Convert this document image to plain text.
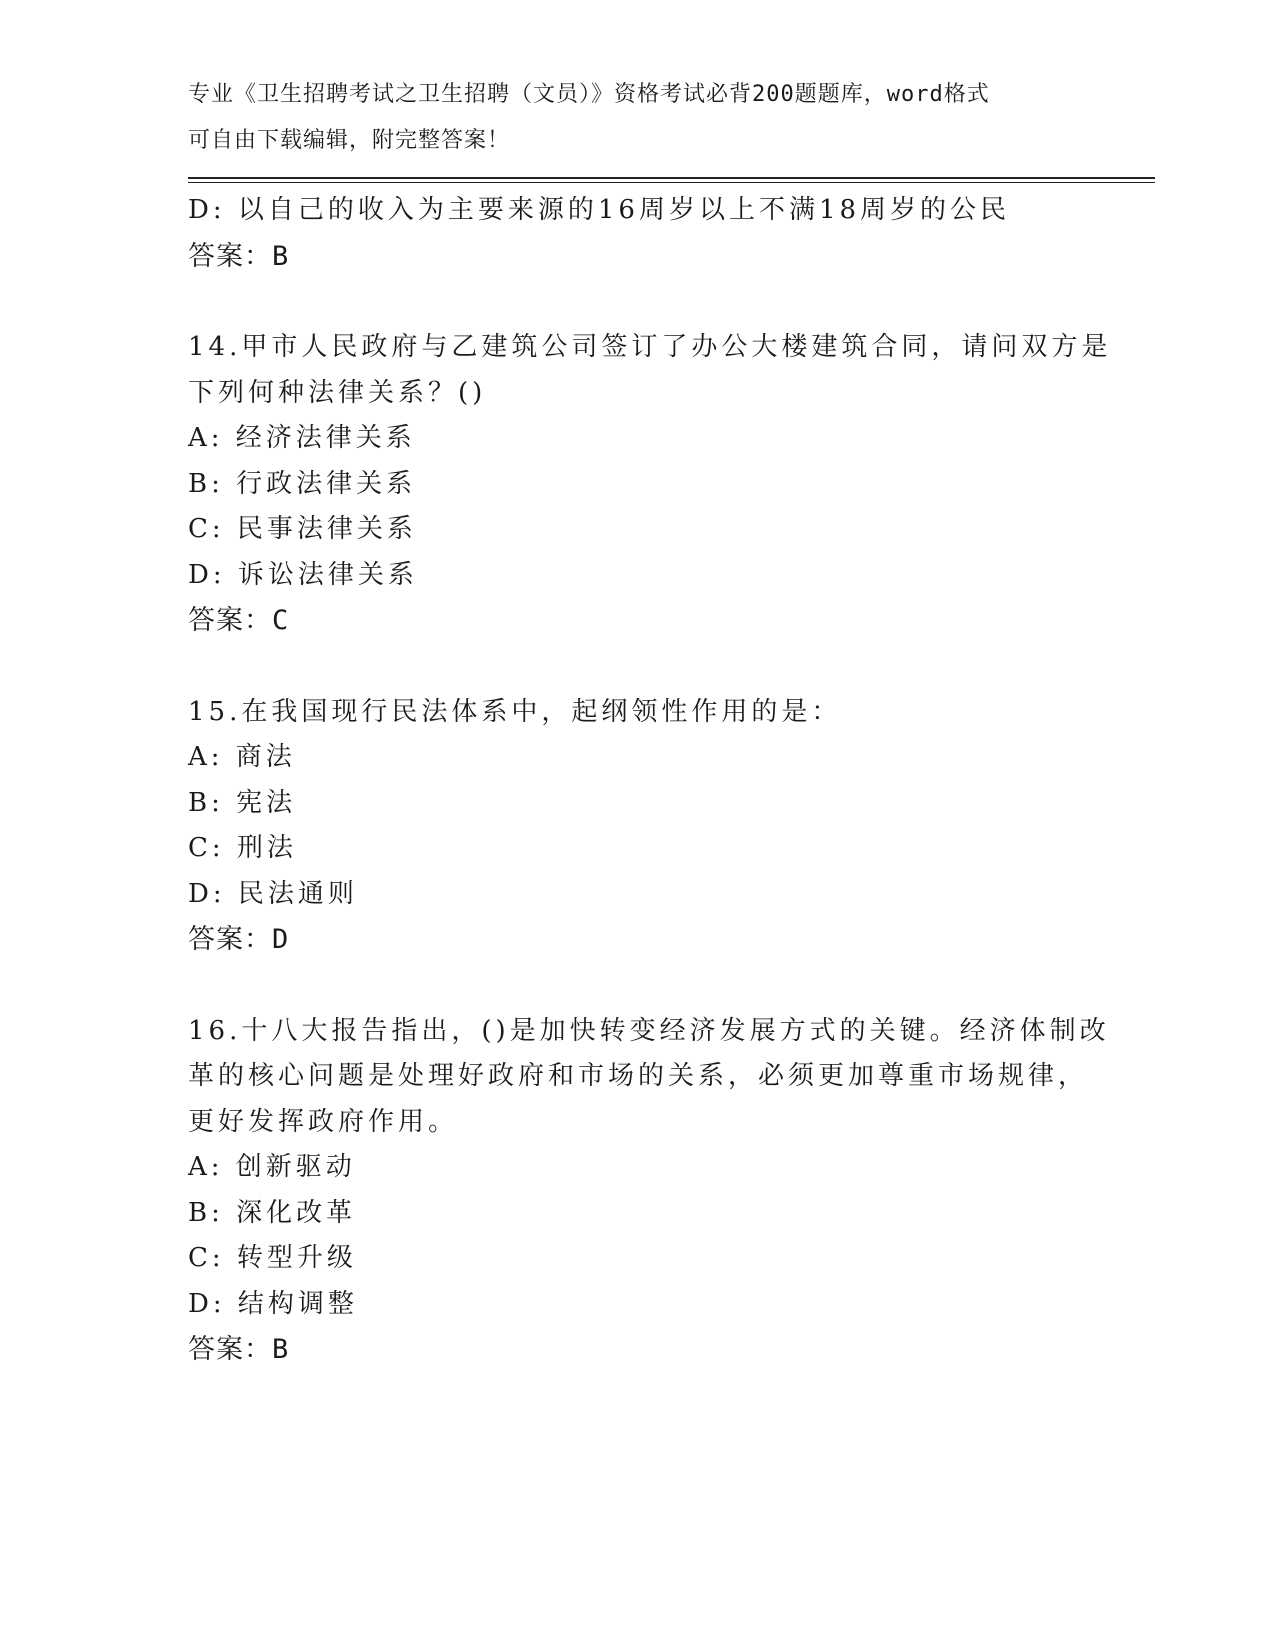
专业《卫生招聘考试之卫生招聘（文员）》资格考试必背200题题库，word格式
可自由下载编辑，附完整答案！
D: 以自己的收入为主要来源的16周岁以上不满18周岁的公民
答案：B
14.甲市人民政府与乙建筑公司签订了办公大楼建筑合同，请问双方是
下列何种法律关系？()
A: 经济法律关系
B: 行政法律关系
C: 民事法律关系
D: 诉讼法律关系
答案：C
15.在我国现行民法体系中，起纲领性作用的是：
A: 商法
B: 宪法
C: 刑法
D: 民法通则
答案：D
16.十八大报告指出，()是加快转变经济发展方式的关键。经济体制改
革的核心问题是处理好政府和市场的关系，必须更加尊重市场规律，
更好发挥政府作用。
A: 创新驱动
B: 深化改革
C: 转型升级
D: 结构调整
答案：B
